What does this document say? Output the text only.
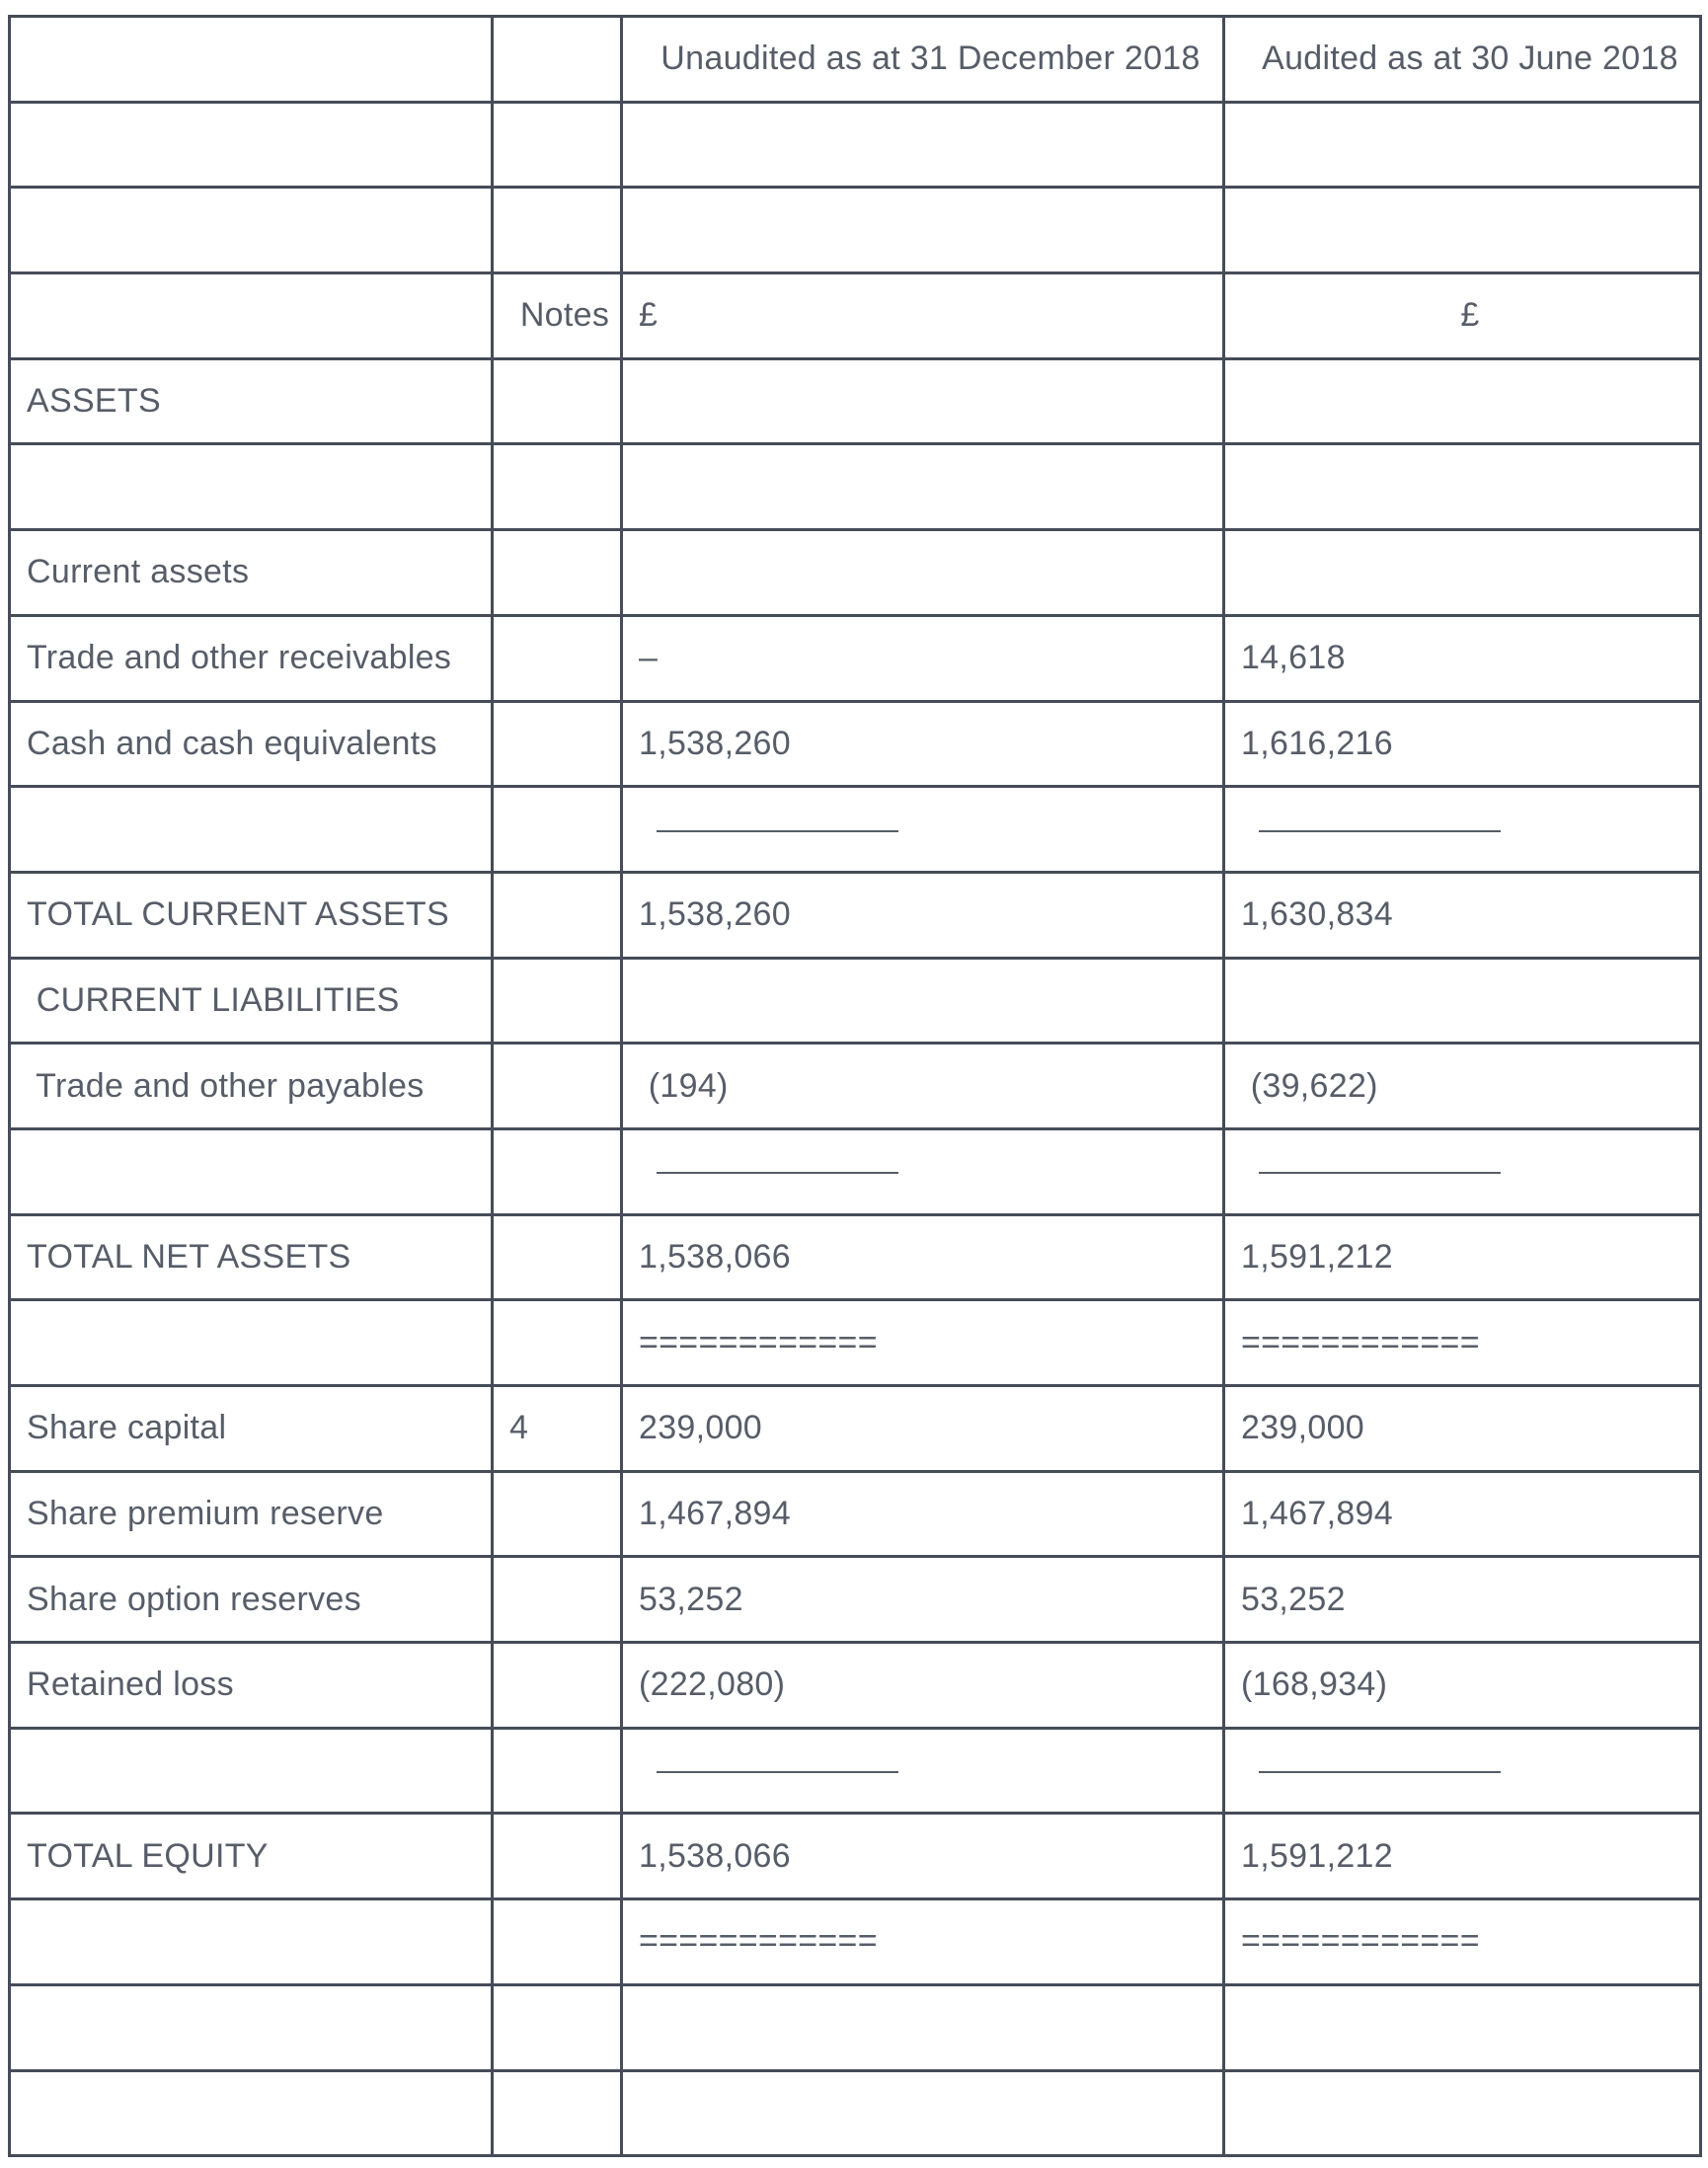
		Unaudited as at 31 December 2018	Audited as at 30 June 2018

	Notes	£	£
ASSETS			

Current assets			
Trade and other receivables		–	14,618
Cash and cash equivalents		1,538,260	1,616,216

TOTAL CURRENT ASSETS		1,538,260	1,630,834
CURRENT LIABILITIES			
Trade and other payables		(194)	(39,622)

TOTAL NET ASSETS		1,538,066	1,591,212
		============	============
Share capital	4	239,000	239,000
Share premium reserve		1,467,894	1,467,894
Share option reserves		53,252	53,252
Retained loss		(222,080)	(168,934)

TOTAL EQUITY		1,538,066	1,591,212
		============	============
